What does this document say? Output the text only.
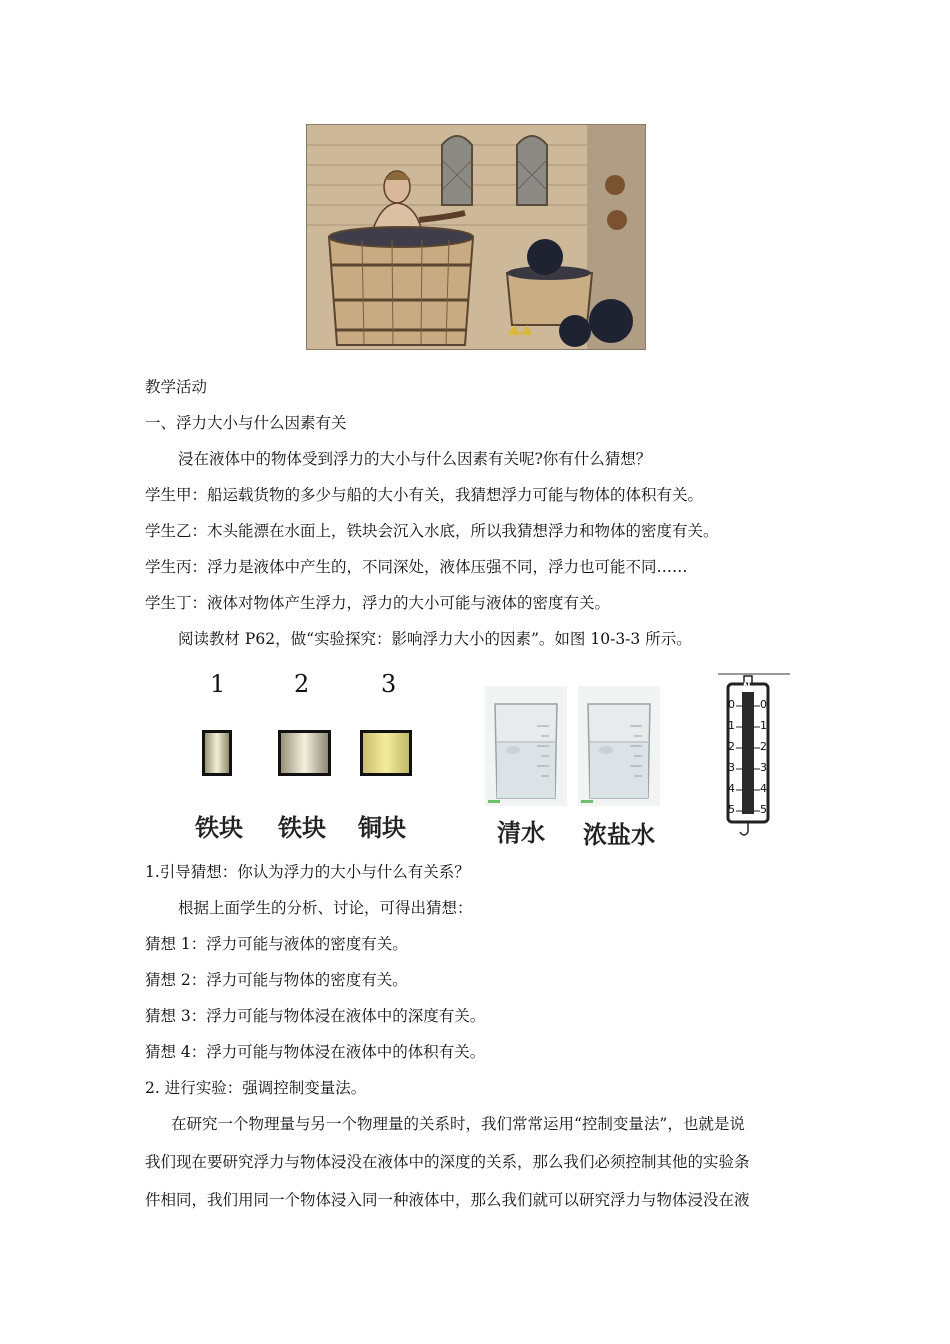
教学活动
一、浮力大小与什么因素有关
浸在液体中的物体受到浮力的大小与什么因素有关呢?你有什么猜想？
学生甲：船运载货物的多少与船的大小有关，我猜想浮力可能与物体的体积有关。
学生乙：木头能漂在水面上，铁块会沉入水底，所以我猜想浮力和物体的密度有关。
学生丙：浮力是液体中产生的，不同深处，液体压强不同，浮力也可能不同……
学生丁：液体对物体产生浮力，浮力的大小可能与液体的密度有关。
阅读教材 P62，做“实验探究：影响浮力大小的因素”。如图 10-3-3 所示。
1	2	3
铁块 铁块 铜块	清水 浓盐水
N
0
1
2
3
4
5
0
1
2
3
4
5
1.引导猜想：你认为浮力的大小与什么有关系？
根据上面学生的分析、讨论，可得出猜想：
猜想 1：浮力可能与液体的密度有关。
猜想 2：浮力可能与物体的密度有关。
猜想 3：浮力可能与物体浸在液体中的深度有关。
猜想 4：浮力可能与物体浸在液体中的体积有关。
2. 进行实验：强调控制变量法。
在研究一个物理量与另一个物理量的关系时，我们常常运用“控制变量法”，也就是说
我们现在要研究浮力与物体浸没在液体中的深度的关系，那么我们必须控制其他的实验条
件相同，我们用同一个物体浸入同一种液体中，那么我们就可以研究浮力与物体浸没在液
